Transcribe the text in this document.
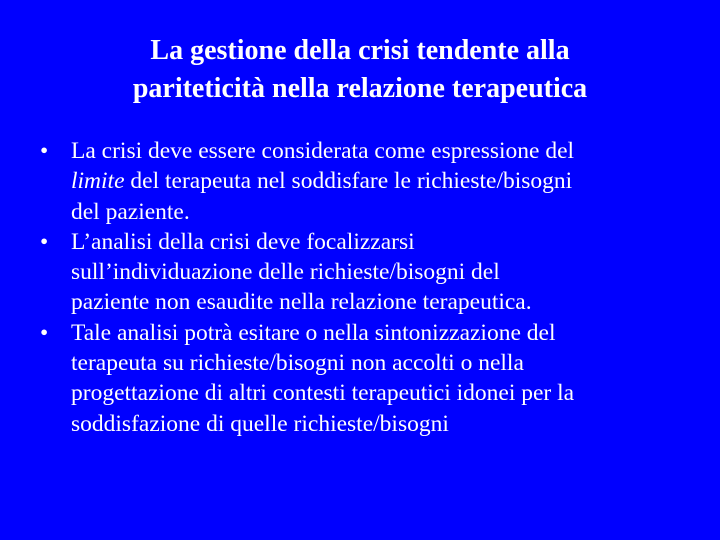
La gestione della crisi tendente alla
pariteticità nella relazione terapeutica
• La crisi deve essere considerata come espressione del
limite del terapeuta nel soddisfare le richieste/bisogni
del paziente.
• L’analisi della crisi deve focalizzarsi
sull’individuazione delle richieste/bisogni del
paziente non esaudite nella relazione terapeutica.
• Tale analisi potrà esitare o nella sintonizzazione del
terapeuta su richieste/bisogni non accolti o nella
progettazione di altri contesti terapeutici idonei per la
soddisfazione di quelle richieste/bisogni
